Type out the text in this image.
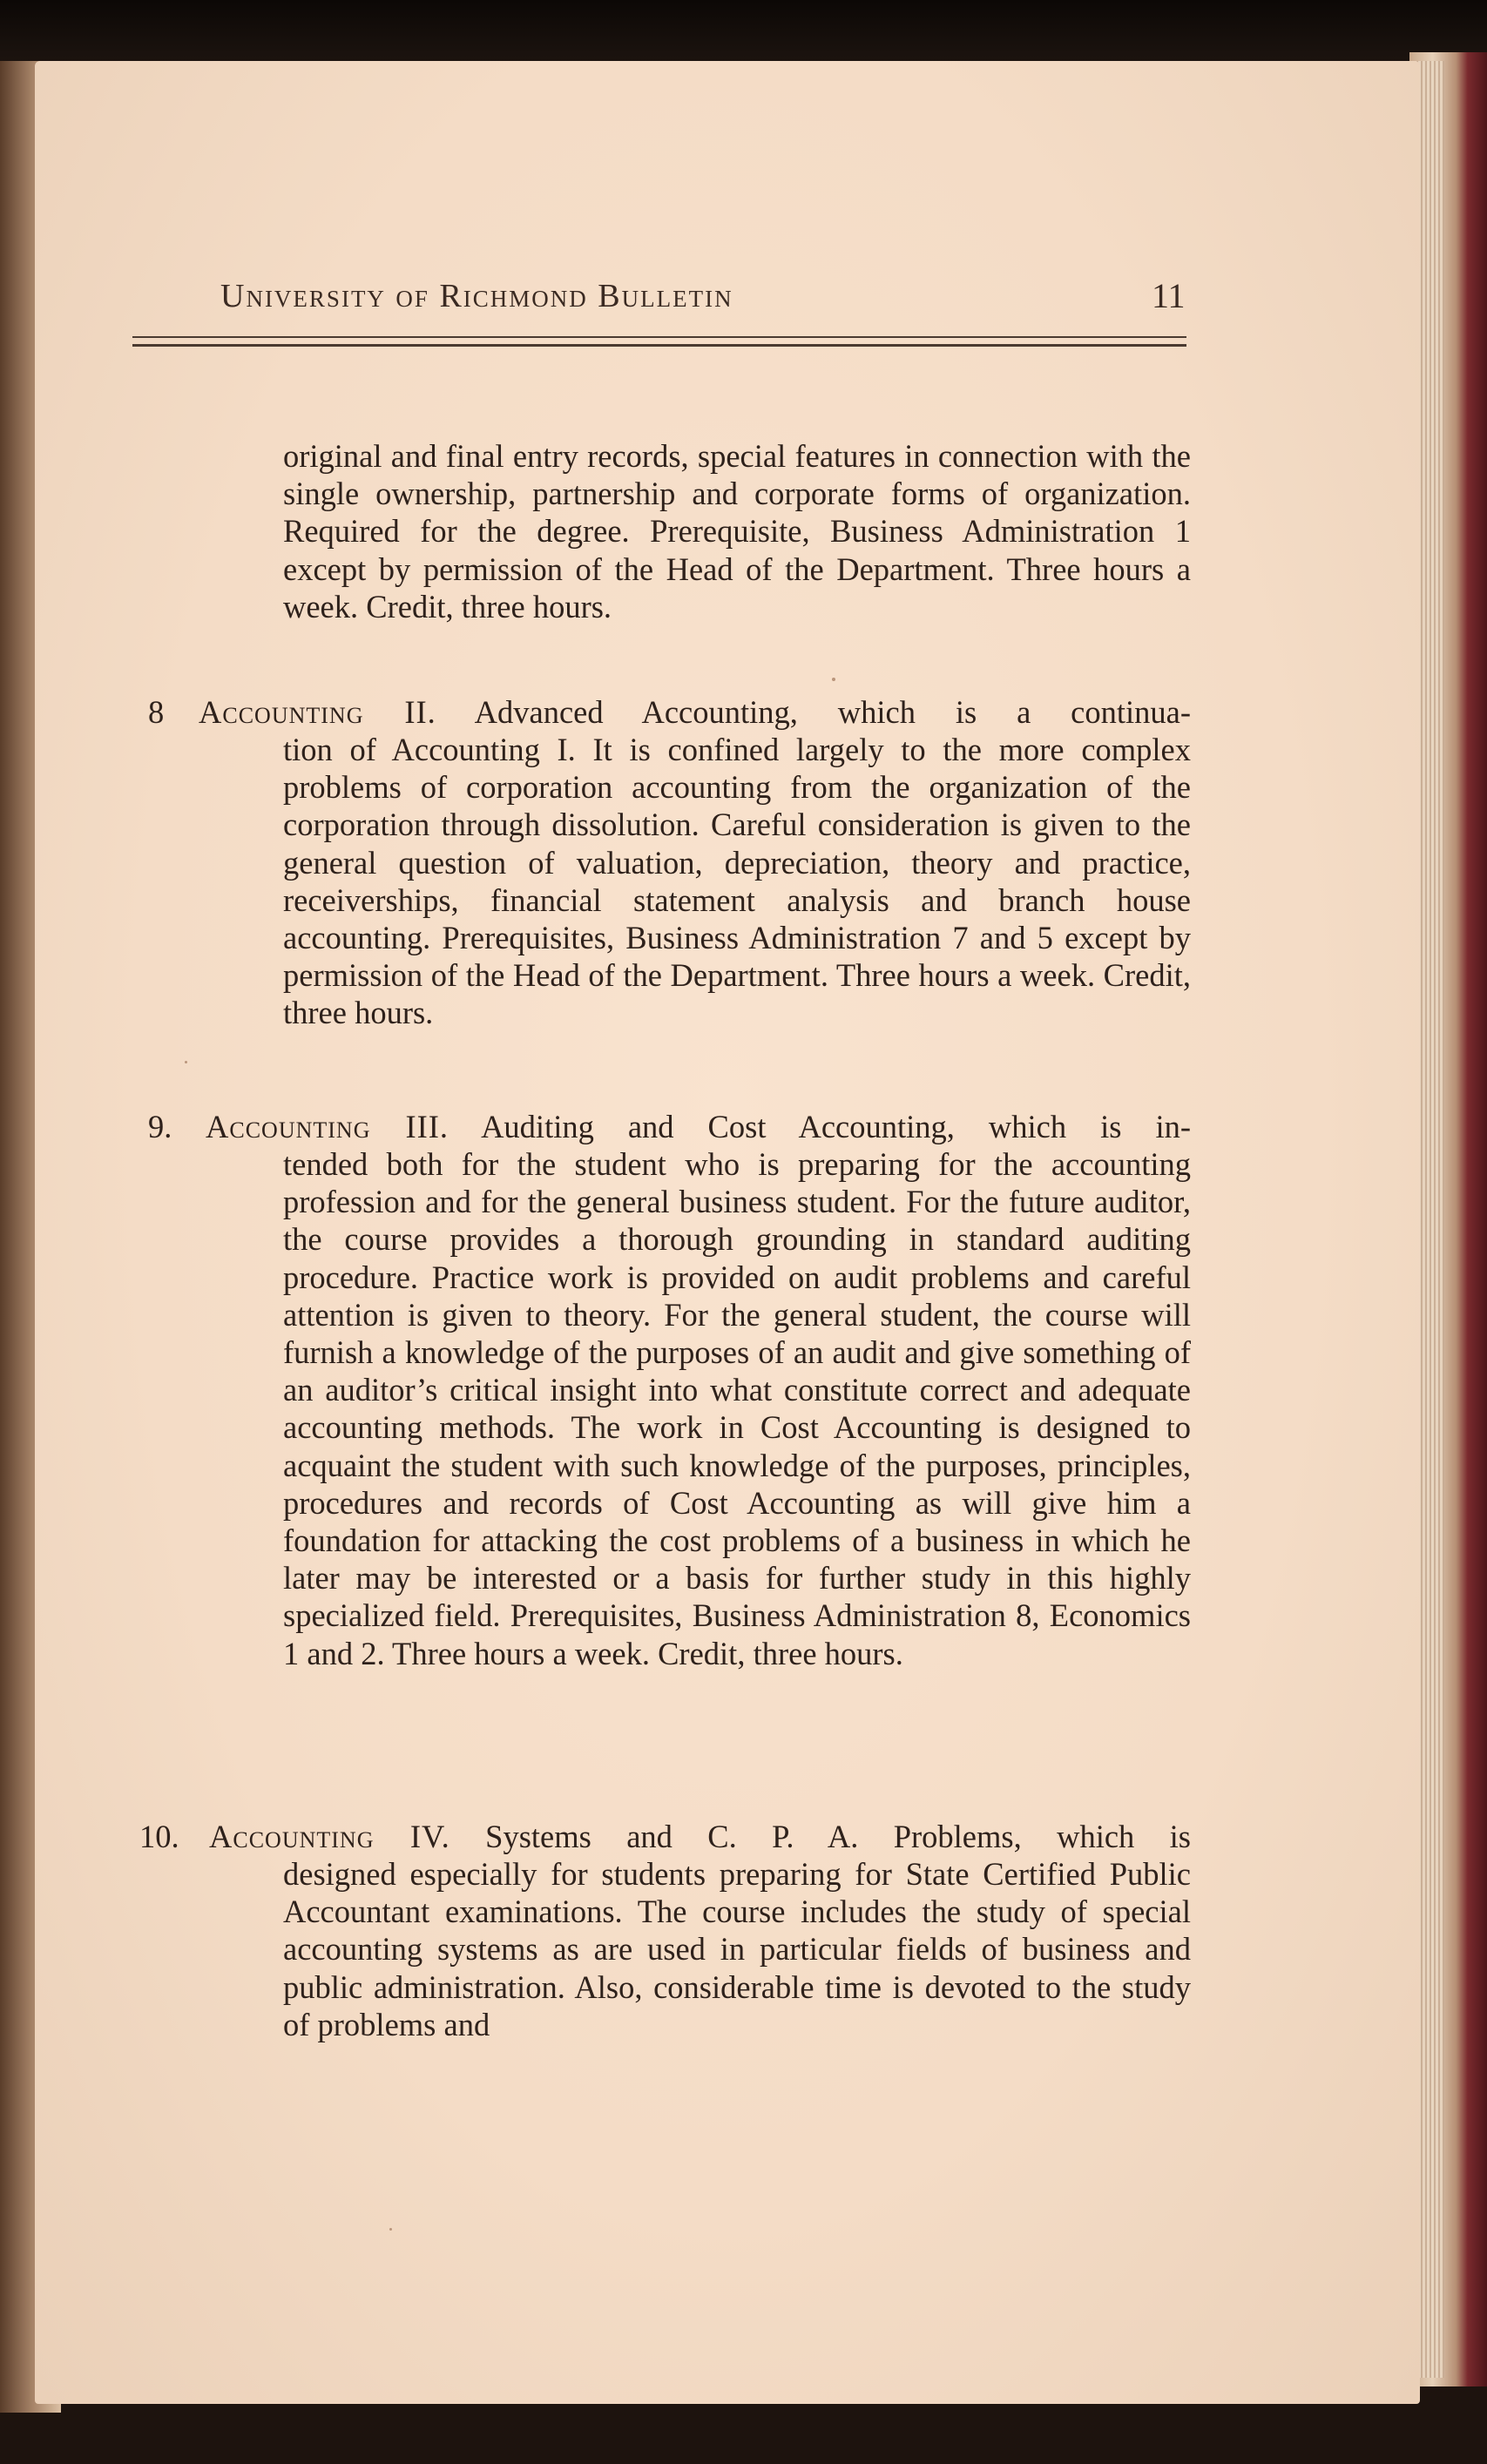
University of Richmond Bulletin	11

original and final entry records, special features in connection with the single ownership, partnership and corporate forms of organization. Required for the degree. Prerequisite, Business Administration 1 except by permission of the Head of the Department. Three hours a week. Credit, three hours.

8 Accounting II. Advanced Accounting, which is a continua-

tion of Accounting I. It is confined largely to the more complex problems of corporation accounting from the organization of the corporation through dissolution. Careful consideration is given to the general question of valuation, depreciation, theory and practice, receiverships, financial statement analysis and branch house accounting. Prerequisites, Business Administration 7 and 5 except by permission of the Head of the Department. Three hours a week. Credit, three hours.

9. Accounting III. Auditing and Cost Accounting, which is in-

tended both for the student who is preparing for the accounting profession and for the general business student. For the future auditor, the course provides a thorough grounding in standard auditing procedure. Practice work is provided on audit problems and careful attention is given to theory. For the general student, the course will furnish a knowledge of the purposes of an audit and give something of an auditor’s critical insight into what constitute correct and adequate accounting methods. The work in Cost Accounting is designed to acquaint the student with such knowledge of the purposes, principles, procedures and records of Cost Accounting as will give him a foundation for attacking the cost problems of a business in which he later may be interested or a basis for further study in this highly specialized field. Prerequisites, Business Administration 8, Economics 1 and 2. Three hours a week. Credit, three hours.

10. Accounting IV. Systems and C. P. A. Problems, which is

designed especially for students preparing for State Certified Public Accountant examinations. The course includes the study of special accounting systems as are used in particular fields of business and public administration. Also, considerable time is devoted to the study of problems and
